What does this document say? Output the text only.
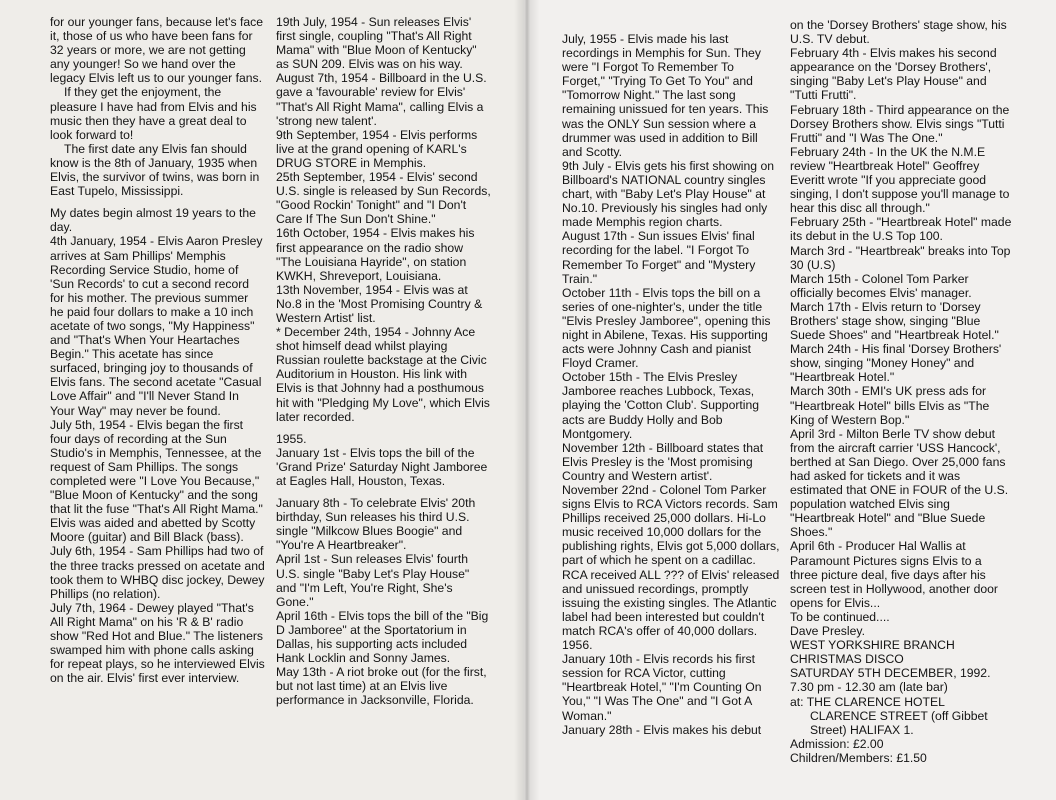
for our younger fans, because let's face it, those of us who have been fans for 32 years or more, we are not getting any younger! So we hand over the legacy Elvis left us to our younger fans.

If they get the enjoyment, the pleasure I have had from Elvis and his music then they have a great deal to look forward to!

The first date any Elvis fan should know is the 8th of January, 1935 when Elvis, the survivor of twins, was born in East Tupelo, Mississippi.

My dates begin almost 19 years to the day.

4th January, 1954 - Elvis Aaron Presley arrives at Sam Phillips' Memphis Recording Service Studio, home of 'Sun Records' to cut a second record for his mother. The previous summer he paid four dollars to make a 10 inch acetate of two songs, "My Happiness" and "That's When Your Heartaches Begin." This acetate has since surfaced, bringing joy to thousands of Elvis fans. The second acetate "Casual Love Affair" and "I'll Never Stand In Your Way" may never be found.

July 5th, 1954 - Elvis began the first four days of recording at the Sun Studio's in Memphis, Tennessee, at the request of Sam Phillips. The songs completed were "I Love You Because," "Blue Moon of Kentucky" and the song that lit the fuse "That's All Right Mama." Elvis was aided and abetted by Scotty Moore (guitar) and Bill Black (bass).

July 6th, 1954 - Sam Phillips had two of the three tracks pressed on acetate and took them to WHBQ disc jockey, Dewey Phillips (no relation).

July 7th, 1964 - Dewey played "That's All Right Mama" on his 'R & B' radio show "Red Hot and Blue." The listeners swamped him with phone calls asking for repeat plays, so he interviewed Elvis on the air. Elvis' first ever interview.

19th July, 1954 - Sun releases Elvis' first single, coupling "That's All Right Mama" with "Blue Moon of Kentucky" as SUN 209. Elvis was on his way.

August 7th, 1954 - Billboard in the U.S. gave a 'favourable' review for Elvis' "That's All Right Mama", calling Elvis a 'strong new talent'.

9th September, 1954 - Elvis performs live at the grand opening of KARL's DRUG STORE in Memphis.

25th September, 1954 - Elvis' second U.S. single is released by Sun Records, "Good Rockin' Tonight" and "I Don't Care If The Sun Don't Shine."

16th October, 1954 - Elvis makes his first appearance on the radio show "The Louisiana Hayride", on station KWKH, Shreveport, Louisiana.

13th November, 1954 - Elvis was at No.8 in the 'Most Promising Country & Western Artist' list.

* December 24th, 1954 - Johnny Ace shot himself dead whilst playing Russian roulette backstage at the Civic Auditorium in Houston. His link with Elvis is that Johnny had a posthumous hit with "Pledging My Love", which Elvis later recorded.

1955.

January 1st - Elvis tops the bill of the 'Grand Prize' Saturday Night Jamboree at Eagles Hall, Houston, Texas.

January 8th - To celebrate Elvis' 20th birthday, Sun releases his third U.S. single "Milkcow Blues Boogie" and "You're A Heartbreaker".

April 1st - Sun releases Elvis' fourth U.S. single "Baby Let's Play House" and "I'm Left, You're Right, She's Gone."

April 16th - Elvis tops the bill of the "Big D Jamboree" at the Sportatorium in Dallas, his supporting acts included Hank Locklin and Sonny James.

May 13th - A riot broke out (for the first, but not last time) at an Elvis live performance in Jacksonville, Florida.

July, 1955 - Elvis made his last recordings in Memphis for Sun. They were "I Forgot To Remember To Forget," "Trying To Get To You" and "Tomorrow Night." The last song remaining unissued for ten years. This was the ONLY Sun session where a drummer was used in addition to Bill and Scotty.

9th July - Elvis gets his first showing on Billboard's NATIONAL country singles chart, with "Baby Let's Play House" at No.10. Previously his singles had only made Memphis region charts.

August 17th - Sun issues Elvis' final recording for the label. "I Forgot To Remember To Forget" and "Mystery Train."

October 11th - Elvis tops the bill on a series of one-nighter's, under the title "Elvis Presley Jamboree", opening this night in Abilene, Texas. His supporting acts were Johnny Cash and pianist Floyd Cramer.

October 15th - The Elvis Presley Jamboree reaches Lubbock, Texas, playing the 'Cotton Club'. Supporting acts are Buddy Holly and Bob Montgomery.

November 12th - Billboard states that Elvis Presley is the 'Most promising Country and Western artist'.

November 22nd - Colonel Tom Parker signs Elvis to RCA Victors records. Sam Phillips received 25,000 dollars. Hi-Lo music received 10,000 dollars for the publishing rights, Elvis got 5,000 dollars, part of which he spent on a cadillac. RCA received ALL ??? of Elvis' released and unissued recordings, promptly issuing the existing singles. The Atlantic label had been interested but couldn't match RCA's offer of 40,000 dollars.

1956.

January 10th - Elvis records his first session for RCA Victor, cutting "Heartbreak Hotel," "I'm Counting On You," "I Was The One" and "I Got A Woman."

January 28th - Elvis makes his debut

on the 'Dorsey Brothers' stage show, his U.S. TV debut.

February 4th - Elvis makes his second appearance on the 'Dorsey Brothers', singing "Baby Let's Play House" and "Tutti Frutti".

February 18th - Third appearance on the Dorsey Brothers show. Elvis sings "Tutti Frutti" and "I Was The One."

February 24th - In the UK the N.M.E review "Heartbreak Hotel" Geoffrey Everitt wrote "If you appreciate good singing, I don't suppose you'll manage to hear this disc all through."

February 25th - "Heartbreak Hotel" made its debut in the U.S Top 100.

March 3rd - "Heartbreak" breaks into Top 30 (U.S)

March 15th - Colonel Tom Parker officially becomes Elvis' manager.

March 17th - Elvis return to 'Dorsey Brothers' stage show, singing "Blue Suede Shoes" and "Heartbreak Hotel."

March 24th - His final 'Dorsey Brothers' show, singing "Money Honey" and "Heartbreak Hotel."

March 30th - EMI's UK press ads for "Heartbreak Hotel" bills Elvis as "The King of Western Bop."

April 3rd - Milton Berle TV show debut from the aircraft carrier 'USS Hancock', berthed at San Diego. Over 25,000 fans had asked for tickets and it was estimated that ONE in FOUR of the U.S. population watched Elvis sing "Heartbreak Hotel" and "Blue Suede Shoes."

April 6th - Producer Hal Wallis at Paramount Pictures signs Elvis to a three picture deal, five days after his screen test in Hollywood, another door opens for Elvis...

To be continued....

Dave Presley.

WEST YORKSHIRE BRANCH

CHRISTMAS DISCO

SATURDAY 5TH DECEMBER, 1992.

7.30 pm - 12.30 am (late bar)

at: THE CLARENCE HOTEL

CLARENCE STREET (off Gibbet Street) HALIFAX 1.

Admission: £2.00

Children/Members: £1.50
